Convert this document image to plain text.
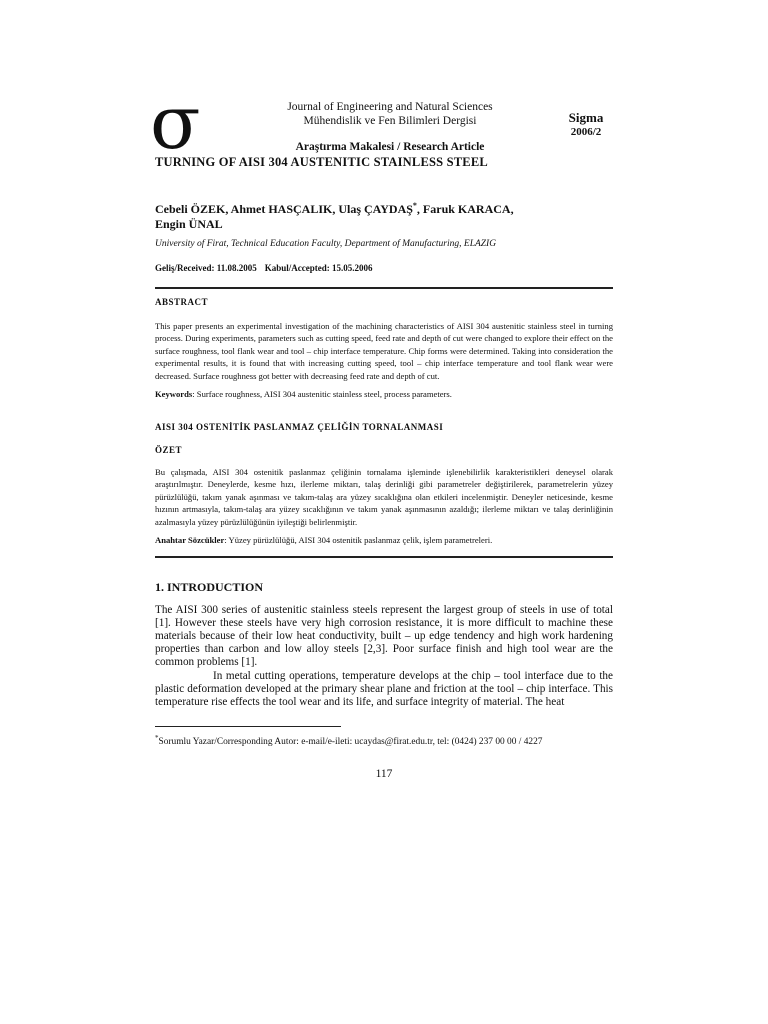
σ	Journal of Engineering and Natural Sciences
Mühendislik ve Fen Bilimleri Dergisi	Sigma
2006/2
Araştırma Makalesi / Research Article
TURNING OF AISI 304 AUSTENITIC STAINLESS STEEL
Cebeli ÖZEK, Ahmet HASÇALIK, Ulaş ÇAYDAŞ*, Faruk KARACA,
Engin ÜNAL
University of Firat, Technical Education Faculty, Department of Manufacturing, ELAZIG
Geliş/Received: 11.08.2005 Kabul/Accepted: 15.05.2006
ABSTRACT
This paper presents an experimental investigation of the machining characteristics of AISI 304 austenitic stainless steel in turning process. During experiments, parameters such as cutting speed, feed rate and depth of cut were changed to explore their effect on the surface roughness, tool flank wear and tool – chip interface temperature. Chip forms were determined. Taking into consideration the experimental results, it is found that with increasing cutting speed, tool – chip interface temperature and tool flank wear were decreased. Surface roughness got better with decreasing feed rate and depth of cut.
Keywords: Surface roughness, AISI 304 austenitic stainless steel, process parameters.
AISI 304 OSTENİTİK PASLANMAZ ÇELİĞİN TORNALANMASI
ÖZET
Bu çalışmada, AISI 304 ostenitik paslanmaz çeliğinin tornalama işleminde işlenebilirlik karakteristikleri deneysel olarak araştırılmıştır. Deneylerde, kesme hızı, ilerleme miktarı, talaş derinliği gibi parametreler değiştirilerek, parametrelerin yüzey pürüzlülüğü, takım yanak aşınması ve takım-talaş ara yüzey sıcaklığına olan etkileri incelenmiştir. Deneyler neticesinde, kesme hızının artmasıyla, takım-talaş ara yüzey sıcaklığının ve takım yanak aşınmasının azaldığı; ilerleme miktarı ve talaş derinliğinin azalmasıyla yüzey pürüzlülüğünün iyileştiği belirlenmiştir.
Anahtar Sözcükler: Yüzey pürüzlülüğü, AISI 304 ostenitik paslanmaz çelik, işlem parametreleri.
1. INTRODUCTION
The AISI 300 series of austenitic stainless steels represent the largest group of steels in use of total [1]. However these steels have very high corrosion resistance, it is more difficult to machine these materials because of their low heat conductivity, built – up edge tendency and high work hardening properties than carbon and low alloy steels [2,3]. Poor surface finish and high tool wear are the common problems [1].
In metal cutting operations, temperature develops at the chip – tool interface due to the plastic deformation developed at the primary shear plane and friction at the tool – chip interface. This temperature rise effects the tool wear and its life, and surface integrity of material. The heat
*Sorumlu Yazar/Corresponding Autor: e-mail/e-ileti: ucaydas@firat.edu.tr, tel: (0424) 237 00 00 / 4227
117
